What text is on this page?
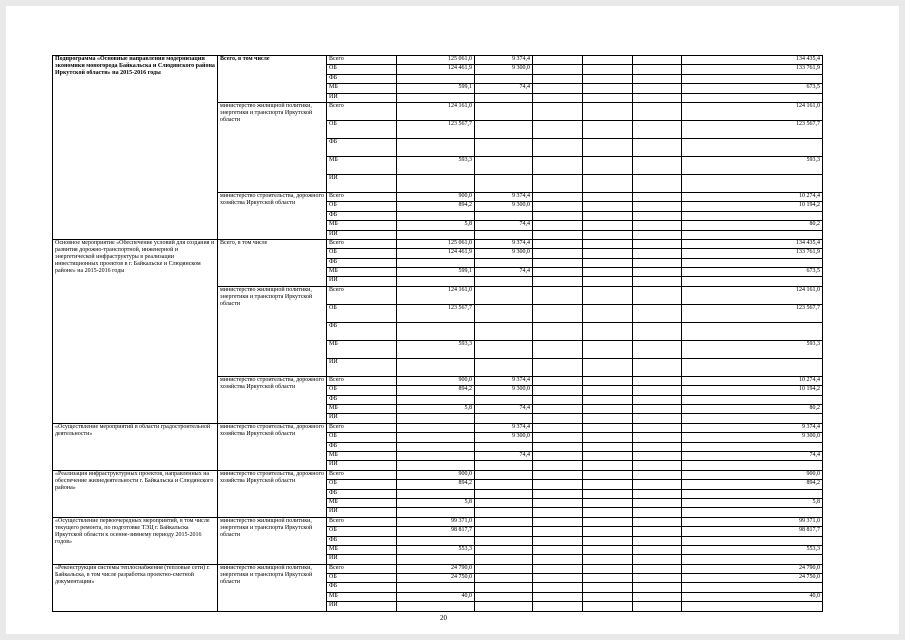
Подпрограмма «Основные направления модернизации экономики моногорода Байкальска и Слюдянского района Иркутской области» на 2015-2016 годы	Всего, в том числе	Всего	125 061,0	9 374,4				134 435,4
		ОБ	124 461,9	9 300,0				133 761,9
		ФБ						
		МБ	599,1	74,4				673,5
		ИИ						
	министерство жилищной политики, энергетики и транспорта Иркутской области	Всего	124 161,0					124 161,0
		ОБ	123 567,7					123 567,7
		ФБ						
		МБ	593,3					593,3
		ИИ						
	министерство строительства, дорожного хозяйства Иркутской области	Всего	900,0	9 374,4				10 274,4
		ОБ	894,2	9 300,0				10 194,2
		ФБ						
		МБ	5,8	74,4				80,2
		ИИ						
Основное мероприятие «Обеспечение условий для создания и развития дорожно-транспортной, инженерной и энергетической инфраструктуры в реализации инвестиционных проектов в г. Байкальске и Слюдянском районе» на 2015-2016 годы	Всего, в том числе	Всего	125 061,0	9 374,4				134 435,4
		ОБ	124 461,9	9 300,0				133 761,9
		ФБ						
		МБ	599,1	74,4				673,5
		ИИ						
	министерство жилищной политики, энергетики и транспорта Иркутской области	Всего	124 161,0					124 161,0
		ОБ	123 567,7					123 567,7
		ФБ						
		МБ	593,3					593,3
		ИИ						
	министерство строительства, дорожного хозяйства Иркутской области	Всего	900,0	9 374,4				10 274,4
		ОБ	894,2	9 300,0				10 194,2
		ФБ						
		МБ	5,8	74,4				80,2
		ИИ						
«Осуществление мероприятий в области градостроительной деятельности»	министерство строительства, дорожного хозяйства Иркутской области	Всего		9 374,4				9 374,4
		ОБ		9 300,0				9 300,0
		ФБ						
		МБ		74,4				74,4
		ИИ						
«Реализация инфраструктурных проектов, направленных на обеспечение жизнедеятельности г. Байкальска и Слюдянского района»	министерство строительства, дорожного хозяйства Иркутской области	Всего	900,0					900,0
		ОБ	894,2					894,2
		ФБ						
		МБ	5,8					5,8
		ИИ						
«Осуществление первоочередных мероприятий, в том числе текущего ремонта, по подготовке ТЭЦ г. Байкальска Иркутской области к осенне-зимнему периоду 2015-2016 годов»	министерство жилищной политики, энергетики и транспорта Иркутской области	Всего	99 371,0					99 371,0
		ОБ	98 817,7					98 817,7
		ФБ						
		МБ	553,3					553,3
		ИИ						
«Реконструкция системы теплоснабжения (тепловые сети) г. Байкальска, в том числе разработка проектно-сметной документации»	министерство жилищной политики, энергетики и транспорта Иркутской области	Всего	24 790,0					24 790,0
		ОБ	24 750,0					24 750,0
		ФБ						
		МБ	40,0					40,0
		ИИ						
20
